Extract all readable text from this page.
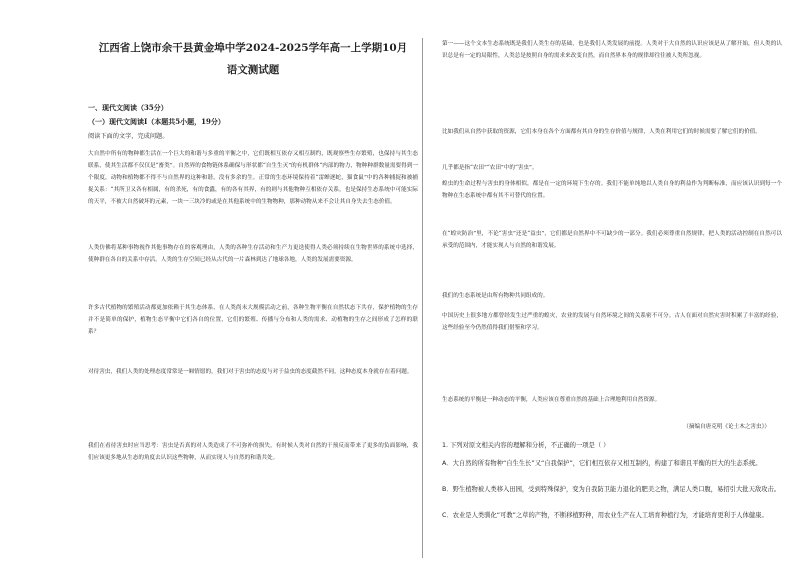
江西省上饶市余干县黄金埠中学2024-2025学年高一上学期10月
语文测试题
一、现代文阅读（35分）
（一）现代文阅读I（本题共5小题，19分）
阅读下面的文字，完成问题。
大自然中所有的物种都生活在一个巨大的和谐与多重的平衡之中，它们既相互依存又相互制约，既观察些生存繁殖，也保持与其生态联系，使其生活都不仅仅是“畜类”。自然界的食物链体系确保与形状都“自生生灭”的有机群体“内部的物力，物种种群数量需要得到一个限度，动物和植物都不得不与自然界的这种和谐，没有多余的生。正常的生态环境保持着“雷蝉逐蛇，猫食鼠”中的各种捕捉和被捕捉关系：“其所卫又各有相属，有的杀死，有的食蠹，有的各有其界，有的则与其他物种互相依存关系，也是保持生态系统中可能实际的天平，不被大自然破坏的元素，一块一三块冷的或是在其他系统中的生物物种，那种动物从来不会让其自身失去生态价值。
人类仿佛将某种事物视作其他事物存在的客观理由，人类的各种生存活动和生产力更迭使得人类必须持续在生物世界的系统中选择，使种群在各自的关系中存活。人类的生存空间已经从古代的一片森林到达了地球各地，人类的发展需要资源。
许多古代植物的繁殖活动都更加依赖于其生态体系，在人类尚未大规模活动之前，各种生物平衡在自然状态下共存，保护植物的生存并不是简单的保护，植物生态平衡中它们各自的位置，它们的繁殖、传播与分布和人类的需求、动植物的生存之间形成了怎样的联系？
对待害虫，我们人类的处理态度常常是一厢情愿的，我们对于害虫的态度与对于益虫的态度截然不同，这种态度本身就存在着问题。
我们在看待害虫时应当思考：害虫是否真的对人类造成了不可弥补的损失，有时候人类对自然的干预反而带来了更多的负面影响，我们应该更多地从生态的角度去认识这些物种，从而实现人与自然的和谐共处。
第一——这个文本生态系统既是我们人类生存的基础，也是我们人类发展的前提。人类对于大自然的认识应该是从了解开始，但人类的认识总是有一定的局限性，人类总是按照自身的需求来改变自然，而自然界本身的规律却往往被人类所忽视。
比如我们从自然中获取的资源，它们本身在各个方面都有其自身的生存价值与规律，人类在利用它们的时候需要了解它们的价值。
几乎都是指“农田”“农田”中的“害虫”。
蝗虫的生命过程与害虫的身体相似，都是在一定的环境下生存的。我们不能单纯地以人类自身的利益作为判断标准，而应该认识到每一个物种在生态系统中都有其不可替代的位置。
在“蝗灾防治”里，不论“害虫”还是“益虫”，它们都是自然界中不可缺少的一部分。我们必须尊重自然规律，把人类的活动控制在自然可以承受的范围内，才能实现人与自然的和谐发展。
我们的生态系统是由所有物种共同组成的。
中国历史上很多地方都曾经发生过严重的蝗灾，农业的发展与自然环境之间的关系密不可分。古人在面对自然灾害时积累了丰富的经验，这些经验至今仍然值得我们借鉴和学习。
生态系统的平衡是一种动态的平衡，人类应该在尊重自然的基础上合理地利用自然资源。
（摘编自唐克明《论土木之害虫》）
1. 下列对原文相关内容的理解和分析，不正确的一项是（ ）
A．大自然的所有物种“自生生长”又“自我保护”，它们相互依存又相互制约，构建了和谐且平衡的巨大的生态系统。
B．野生植物被人类移入田园，受到特殊保护，变为自我防卫能力退化的肥美之物，满足人类口腹，易招引大批天敌攻击。
C．农业是人类驯化“可教”之草的产物，不断移植野种，用农业生产在人工培育种植行为，才能培育更利于人体健康。
